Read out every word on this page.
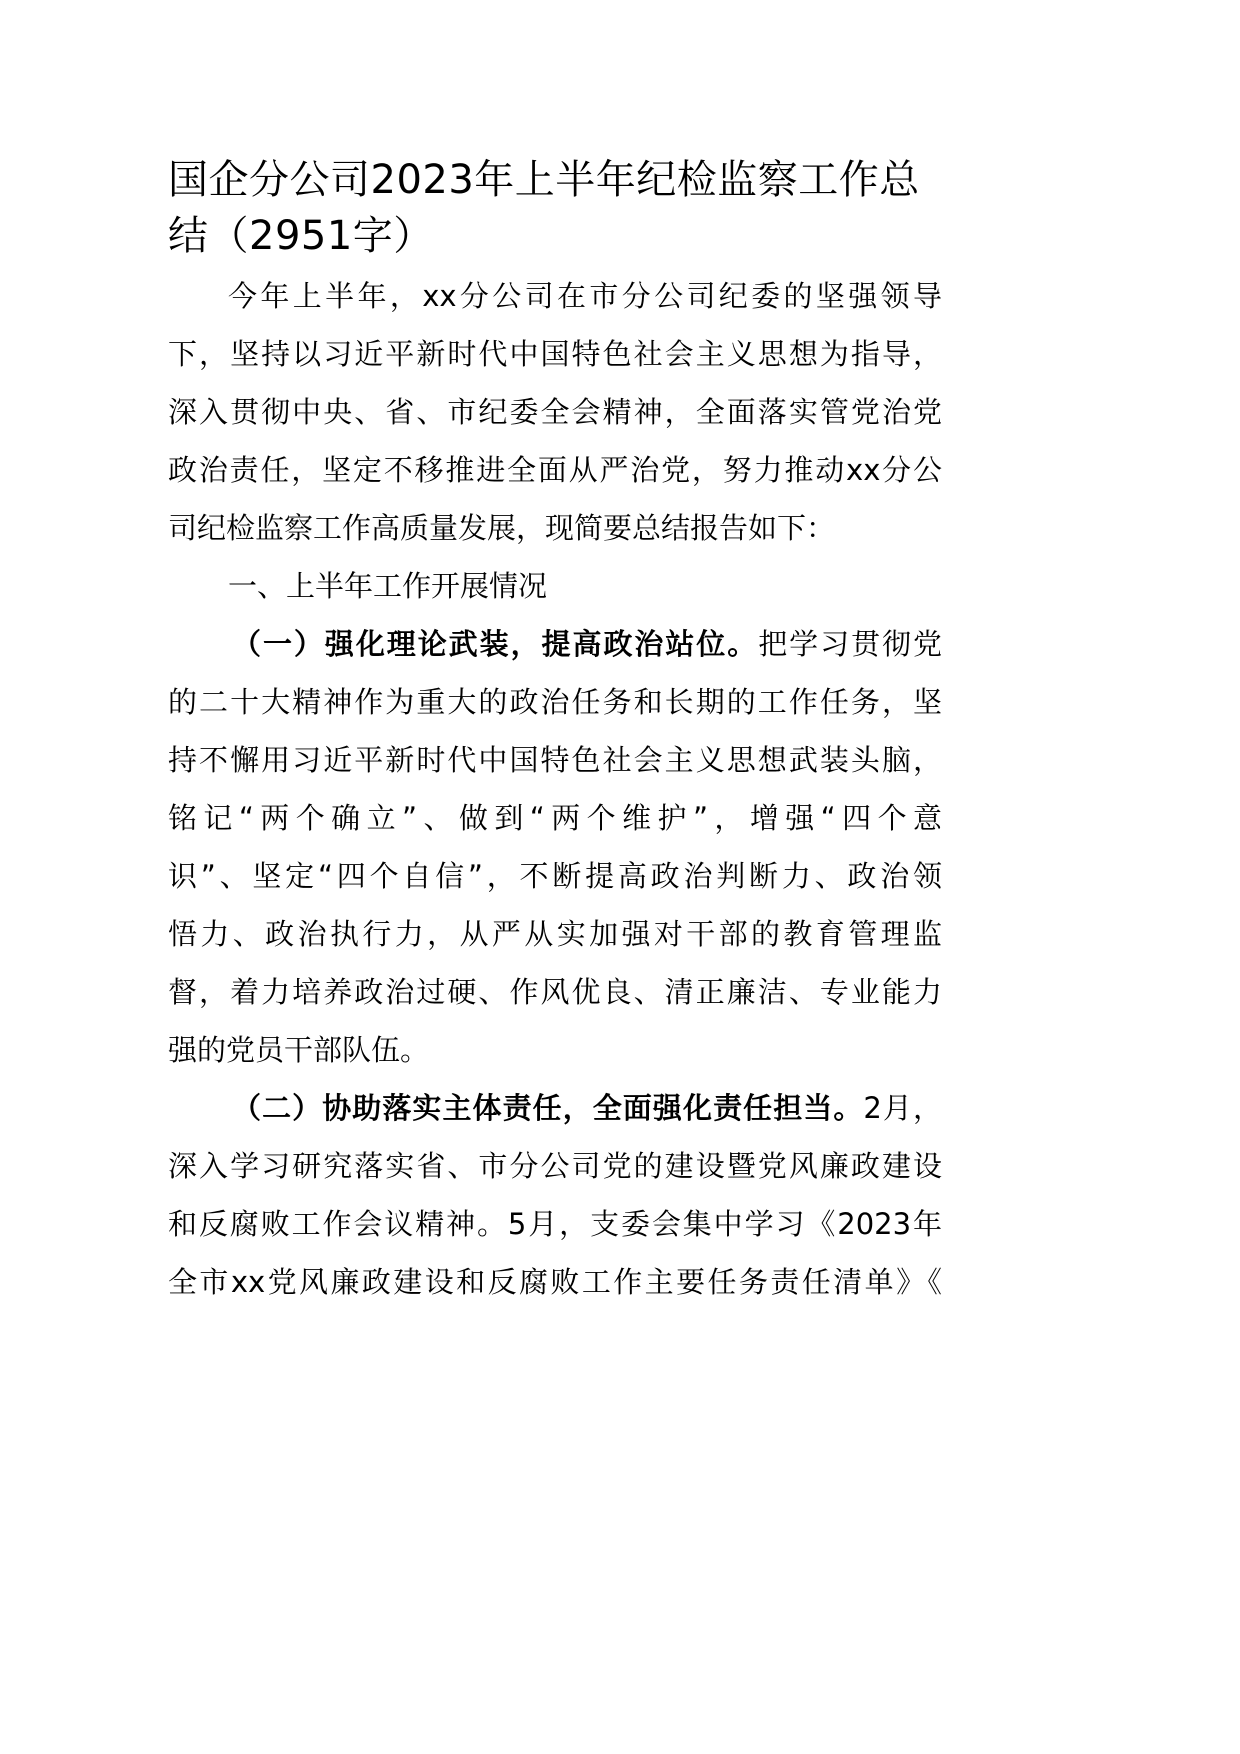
国企分公司2023年上半年纪检监察工作总
结（2951字）
今年上半年，xx分公司在市分公司纪委的坚强领导
下，坚持以习近平新时代中国特色社会主义思想为指导，
深入贯彻中央、省、市纪委全会精神，全面落实管党治党
政治责任，坚定不移推进全面从严治党，努力推动xx分公
司纪检监察工作高质量发展，现简要总结报告如下：
一、上半年工作开展情况
（一）强化理论武装，提高政治站位。把学习贯彻党
的二十大精神作为重大的政治任务和长期的工作任务，坚
持不懈用习近平新时代中国特色社会主义思想武装头脑，
铭记“两个确立”、做到“两个维护”，增强“四个意
识”、坚定“四个自信”，不断提高政治判断力、政治领
悟力、政治执行力，从严从实加强对干部的教育管理监
督，着力培养政治过硬、作风优良、清正廉洁、专业能力
强的党员干部队伍。
（二）协助落实主体责任，全面强化责任担当。2月，
深入学习研究落实省、市分公司党的建设暨党风廉政建设
和反腐败工作会议精神。5月，支委会集中学习《2023年
全市xx党风廉政建设和反腐败工作主要任务责任清单》《
